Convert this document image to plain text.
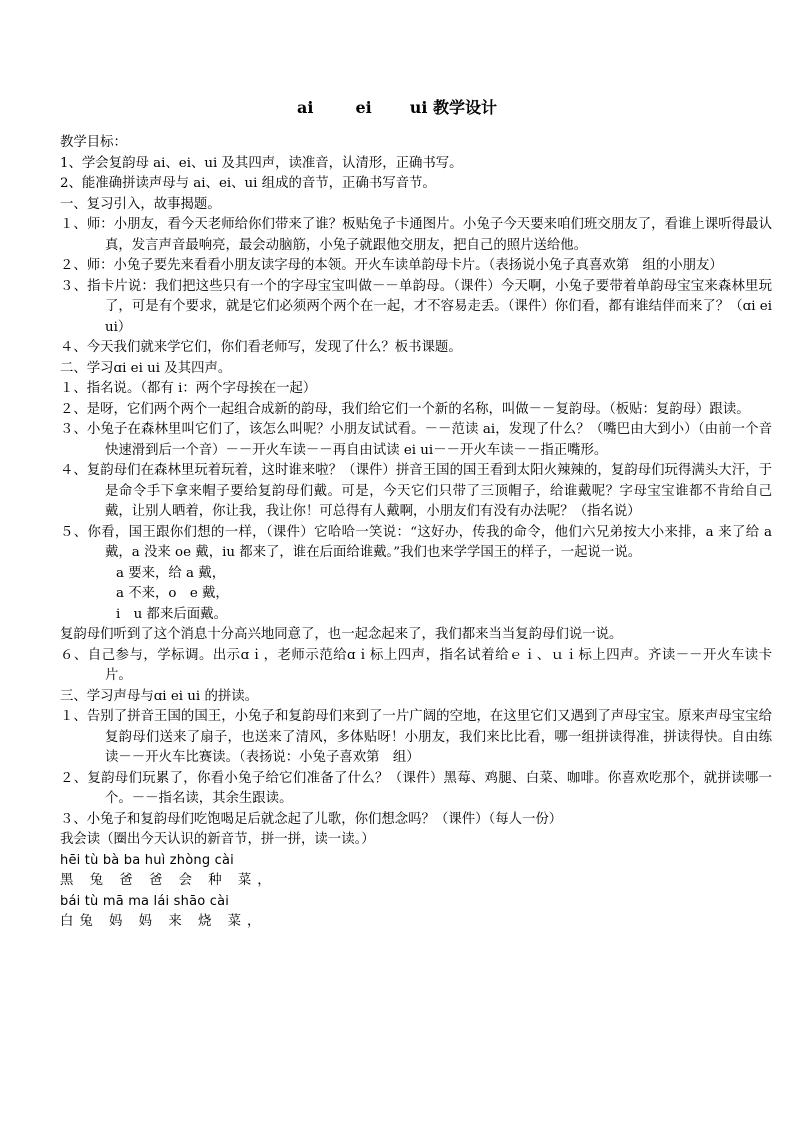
ai	ei ui 教学设计
教学目标：
1、学会复韵母 ai、ei、ui 及其四声，读准音，认清形，正确书写。
2、能准确拼读声母与 ai、ei、ui 组成的音节，正确书写音节。
一、复习引入，故事揭题。
１、师：小朋友，看今天老师给你们带来了谁？板贴兔子卡通图片。小兔子今天要来咱们班交朋友了，看谁上课听得最认真，发言声音最响亮，最会动脑筋，小兔子就跟他交朋友，把自己的照片送给他。
２、师：小兔子要先来看看小朋友读字母的本领。开火车读单韵母卡片。（表扬说小兔子真喜欢第　组的小朋友）
３、指卡片说：我们把这些只有一个的字母宝宝叫做－－单韵母。（课件）今天啊，小兔子要带着单韵母宝宝来森林里玩了，可是有个要求，就是它们必须两个两个在一起，才不容易走丢。（课件）你们看，都有谁结伴而来了？（ɑi ei ui）
４、今天我们就来学它们，你们看老师写，发现了什么？板书课题。
二、学习ɑi ei ui 及其四声。
１、指名说。（都有 i：两个字母挨在一起）
２、是呀，它们两个两个一起组合成新的韵母，我们给它们一个新的名称，叫做－－复韵母。（板贴：复韵母）跟读。
３、小兔子在森林里叫它们了，该怎么叫呢？小朋友试试看。－－范读 ai，发现了什么？（嘴巴由大到小）（由前一个音快速滑到后一个音）－－开火车读－－再自由试读 ei ui－－开火车读－－指正嘴形。
４、复韵母们在森林里玩着玩着，这时谁来啦？（课件）拼音王国的国王看到太阳火辣辣的，复韵母们玩得满头大汗，于是命令手下拿来帽子要给复韵母们戴。可是，今天它们只带了三顶帽子，给谁戴呢？字母宝宝谁都不肯给自己戴，让别人晒着，你让我，我让你！可总得有人戴啊，小朋友们有没有办法呢？（指名说）
５、你看，国王跟你们想的一样，（课件）它哈哈一笑说：“这好办，传我的命令，他们六兄弟按大小来排，a 来了给 a 戴，a 没来 oe 戴，iu 都来了，谁在后面给谁戴。”我们也来学学国王的样子，一起说一说。
a 要来，给 a 戴，
a 不来，o　e 戴，
i　u 都来后面戴。
复韵母们听到了这个消息十分高兴地同意了，也一起念起来了，我们都来当当复韵母们说一说。
６、自己参与，学标调。出示ɑｉ，老师示范给ɑｉ标上四声，指名试着给ｅｉ、ｕｉ标上四声。齐读－－开火车读卡片。
三、学习声母与ɑi ei ui 的拼读。
１、告别了拼音王国的国王，小兔子和复韵母们来到了一片广阔的空地，在这里它们又遇到了声母宝宝。原来声母宝宝给复韵母们送来了扇子，也送来了清风，多体贴呀！小朋友，我们来比比看，哪一组拼读得准，拼读得快。自由练读－－开火车比赛读。（表扬说：小兔子喜欢第　组）
２、复韵母们玩累了，你看小兔子给它们准备了什么？（课件）黑莓、鸡腿、白菜、咖啡。你喜欢吃那个，就拼读哪一个。－－指名读，其余生跟读。
３、小兔子和复韵母们吃饱喝足后就念起了儿歌，你们想念吗？（课件）（每人一份）
我会读（圈出今天认识的新音节，拼一拼，读一读。）
hēi tù bà ba huì zhòng cài
黑 兔 爸 爸 会 种 菜，
bái tù mā ma lái shāo cài
白兔 妈 妈 来 烧 菜，
